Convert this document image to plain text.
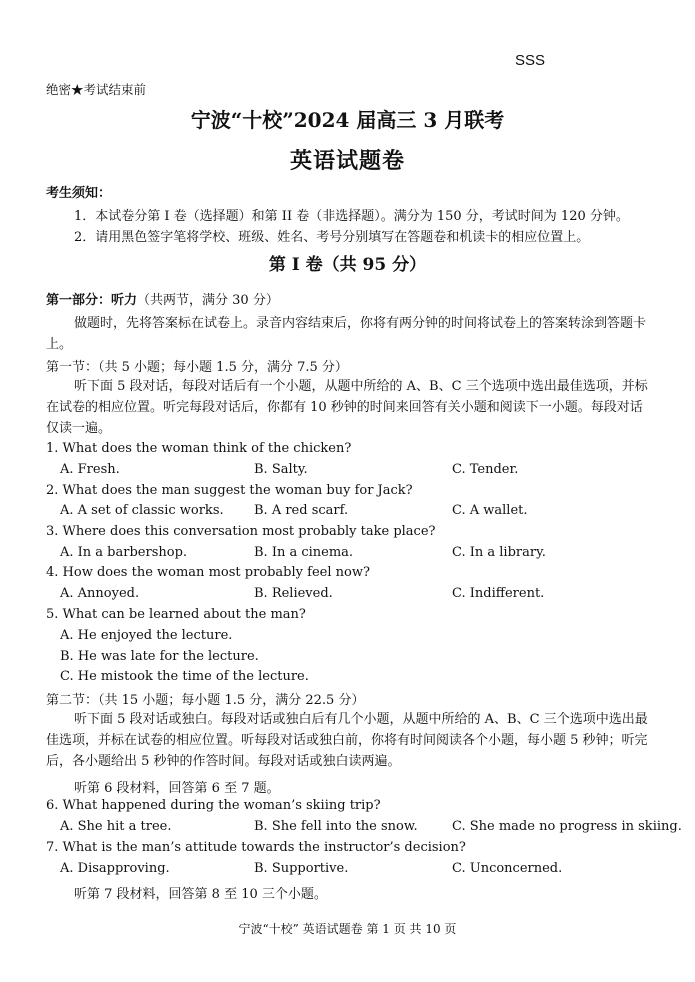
SSS
绝密★考试结束前
宁波“十校”2024 届高三 3 月联考
英语试题卷
考生须知：
1．本试卷分第 I 卷（选择题）和第 II 卷（非选择题）。满分为 150 分，考试时间为 120 分钟。
2．请用黑色签字笔将学校、班级、姓名、考号分别填写在答题卷和机读卡的相应位置上。
第 I 卷（共 95 分）
第一部分：听力（共两节，满分 30 分）
做题时，先将答案标在试卷上。录音内容结束后，你将有两分钟的时间将试卷上的答案转涂到答题卡上。
第一节：（共 5 小题；每小题 1.5 分，满分 7.5 分）
听下面 5 段对话，每段对话后有一个小题，从题中所给的 A、B、C 三个选项中选出最佳选项，并标在试卷的相应位置。听完每段对话后，你都有 10 秒钟的时间来回答有关小题和阅读下一小题。每段对话仅读一遍。
1. What does the woman think of the chicken?
A. Fresh.	B. Salty.	C. Tender.
2. What does the man suggest the woman buy for Jack?
A. A set of classic works. B. A red scarf.	C. A wallet.
3. Where does this conversation most probably take place?
A. In a barbershop.	B. In a cinema.	C. In a library.
4. How does the woman most probably feel now?
A. Annoyed.	B. Relieved.	C. Indifferent.
5. What can be learned about the man?
A. He enjoyed the lecture.
B. He was late for the lecture.
C. He mistook the time of the lecture.
第二节：（共 15 小题；每小题 1.5 分，满分 22.5 分）
听下面 5 段对话或独白。每段对话或独白后有几个小题，从题中所给的 A、B、C 三个选项中选出最佳选项，并标在试卷的相应位置。听每段对话或独白前，你将有时间阅读各个小题，每小题 5 秒钟；听完后，各小题给出 5 秒钟的作答时间。每段对话或独白读两遍。
听第 6 段材料，回答第 6 至 7 题。
6. What happened during the woman’s skiing trip?
A. She hit a tree.	B. She fell into the snow.	C. She made no progress in skiing.
7. What is the man’s attitude towards the instructor’s decision?
A. Disapproving.	B. Supportive.	C. Unconcerned.
听第 7 段材料，回答第 8 至 10 三个小题。
宁波“十校” 英语试题卷 第 1 页 共 10 页
